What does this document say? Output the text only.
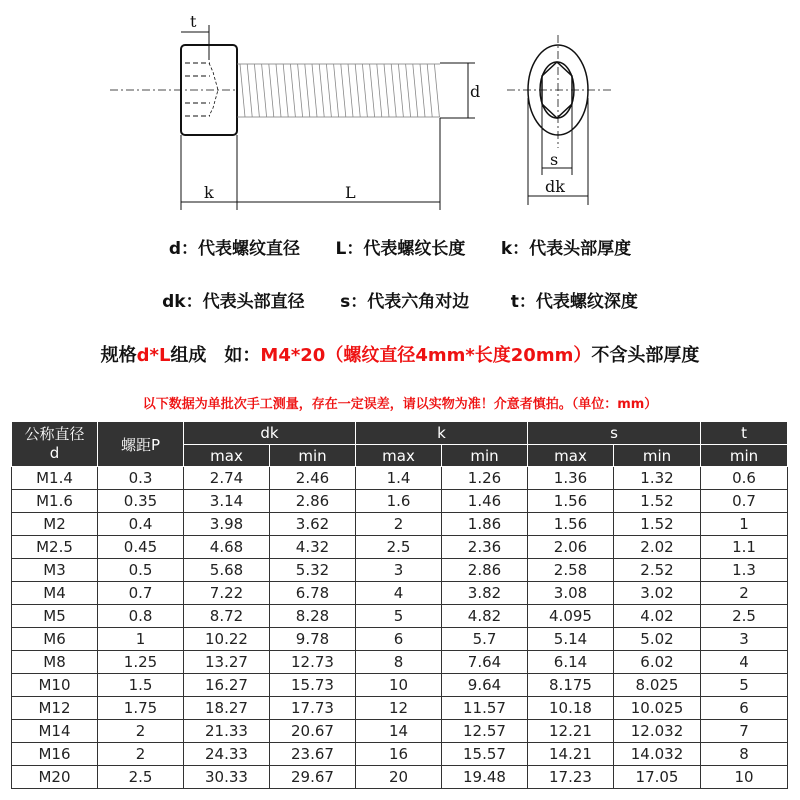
t
d
k	L
s
dk
d：代表螺纹直径 L：代表螺纹长度 k：代表头部厚度
dk：代表头部直径 s：代表六角对边 t：代表螺纹深度
规格d*L组成　如：M4*20（螺纹直径4mm*长度20mm）不含头部厚度
以下数据为单批次手工测量，存在一定误差，请以实物为准！介意者慎拍。（单位：mm）
公称直径
d	螺距P	dk		k		s		t
		max	min	max	min	max	min	min
M1.4	0.3	2.74	2.46	1.4	1.26	1.36	1.32	0.6
M1.6	0.35	3.14	2.86	1.6	1.46	1.56	1.52	0.7
M2	0.4	3.98	3.62	2	1.86	1.56	1.52	1
M2.5	0.45	4.68	4.32	2.5	2.36	2.06	2.02	1.1
M3	0.5	5.68	5.32	3	2.86	2.58	2.52	1.3
M4	0.7	7.22	6.78	4	3.82	3.08	3.02	2
M5	0.8	8.72	8.28	5	4.82	4.095	4.02	2.5
M6	1	10.22	9.78	6	5.7	5.14	5.02	3
M8	1.25	13.27	12.73	8	7.64	6.14	6.02	4
M10	1.5	16.27	15.73	10	9.64	8.175	8.025	5
M12	1.75	18.27	17.73	12	11.57	10.18	10.025	6
M14	2	21.33	20.67	14	12.57	12.21	12.032	7
M16	2	24.33	23.67	16	15.57	14.21	14.032	8
M20	2.5	30.33	29.67	20	19.48	17.23	17.05	10
